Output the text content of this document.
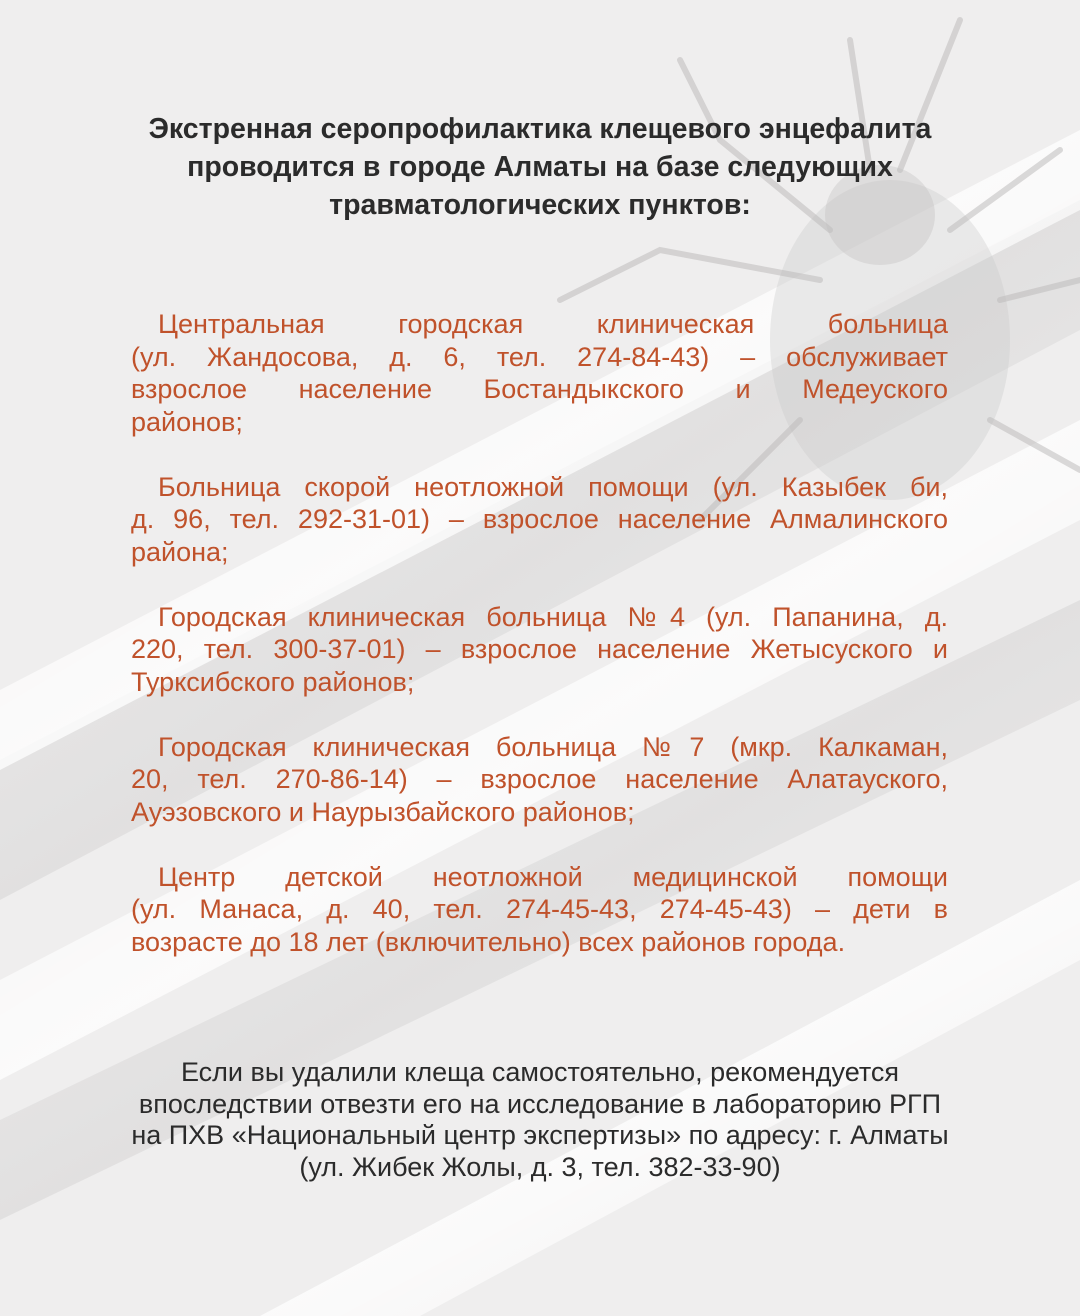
Экстренная серопрофилактика клещевого энцефалита
проводится в городе Алматы на базе следующих
травматологических пунктов:
Центральная городская клиническая больница
(ул. Жандосова, д. 6, тел. 274-84-43) – обслуживает
взрослое население Бостандыкского и Медеуского
районов;
Больница скорой неотложной помощи (ул. Казыбек би,
д. 96, тел. 292-31-01) – взрослое население Алмалинского
района;
Городская клиническая больница №4 (ул. Папанина, д.
220, тел. 300-37-01) – взрослое население Жетысуского и
Турксибского районов;
Городская клиническая больница №7 (мкр. Калкаман,
20, тел. 270-86-14) – взрослое население Алатауского,
Ауэзовского и Наурызбайского районов;
Центр детской неотложной медицинской помощи
(ул. Манаса, д. 40, тел. 274-45-43, 274-45-43) – дети в
возрасте до 18 лет (включительно) всех районов города.

Если вы удалили клеща самостоятельно, рекомендуется
впоследствии отвезти его на исследование в лабораторию РГП
на ПХВ «Национальный центр экспертизы» по адресу: г. Алматы
(ул. Жибек Жолы, д. 3, тел. 382-33-90)
